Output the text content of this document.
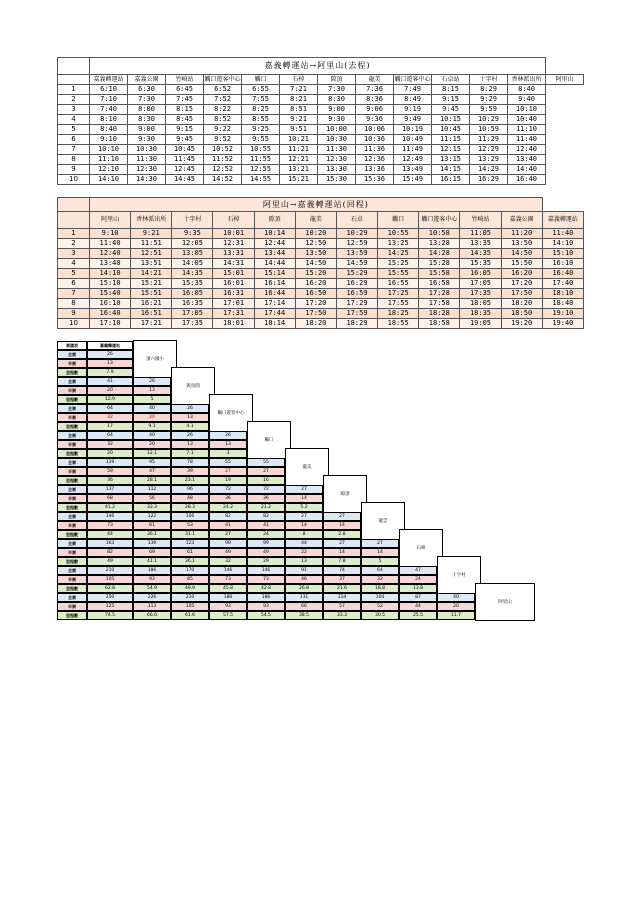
	嘉義轉運站→阿里山(去程)												
	嘉義轉運站	嘉義公園	竹崎站	觸口遊客中心	觸口	石棹	隙頂	龍美	觸口遊客中心	石卓站	十字村	香林派出所	阿里山
1	6:10	6:30	6:45	6:52	6:55	7:21	7:30	7:36	7:49	8:15	8:29	8:40	
2	7:10	7:30	7:45	7:52	7:55	8:21	8:30	8:36	8:49	9:15	9:29	9:40	
3	7:40	8:00	8:15	8:22	8:25	8:51	9:00	9:06	9:19	9:45	9:59	10:10	
4	8:10	8:30	8:45	8:52	8:55	9:21	9:30	9:36	9:49	10:15	10:29	10:40	
5	8:40	9:00	9:15	9:22	9:25	9:51	10:00	10:06	10:19	10:45	10:59	11:10	
6	9:10	9:30	9:45	9:52	9:55	10:21	10:30	10:36	10:49	11:15	11:29	11:40	
7	10:10	10:30	10:45	10:52	10:55	11:21	11:30	11:36	11:49	12:15	12:29	12:40	
8	11:10	11:30	11:45	11:52	11:55	12:21	12:30	12:36	12:49	13:15	13:29	13:40	
9	12:10	12:30	12:45	12:52	12:55	13:21	13:30	13:36	13:49	14:15	14:29	14:40	
10	14:10	14:30	14:45	14:52	14:55	15:21	15:30	15:36	15:49	16:15	16:29	16:40	
	阿里山→嘉義轉運站(回程)											
	阿里山	香林派出所	十字村	石棹	隙頂	龍美	石卓	觸口	觸口遊客中心	竹崎站	嘉義公園	嘉義轉運站
1	9:10	9:21	9:35	10:01	10:14	10:20	10:29	10:55	10:58	11:05	11:20	11:40
2	11:40	11:51	12:05	12:31	12:44	12:50	12:59	13:25	13:28	13:35	13:50	14:10
3	12:40	12:51	13:05	13:31	13:44	13:50	13:59	14:25	14:28	14:35	14:50	15:10
4	13:40	13:51	14:05	14:31	14:44	14:50	14:59	15:25	15:28	15:35	15:50	16:10
5	14:10	14:21	14:35	15:01	15:14	15:20	15:29	15:55	15:58	16:05	16:20	16:40
6	15:10	15:21	15:35	16:01	16:14	16:20	16:29	16:55	16:58	17:05	17:20	17:40
7	15:40	15:51	16:05	16:31	16:44	16:50	16:59	17:25	17:28	17:35	17:50	18:10
8	16:10	16:21	16:35	17:01	17:14	17:20	17:29	17:55	17:58	18:05	18:20	18:40
9	16:40	16:51	17:05	17:31	17:44	17:50	17:59	18:25	18:28	18:35	18:50	19:10
10	17:10	17:21	17:35	18:01	18:14	18:20	18:29	18:55	18:58	19:05	19:20	19:40
票價表	嘉義轉運站
全票	26
半票	13
里程數	7.9
頂六國小
全票	41	26
半票	20	13
里程數	12.9	5
與鳥園
全票	64	40	26
半票	32	20	13
里程數	17	9.1	4.1
觸口遊客中心
全票	64	40	26	26
半票	32	20	13	13
里程數	20	12.1	7.1	3
觸口
全票	119	95	78	55	55
半票	59	47	39	27	27
里程數	36	28.1	23.1	19	16
龍美
全票	137	112	96	72	72	27
半票	68	56	48	36	36	14
里程數	41.2	33.3	28.3	24.2	21.2	5.2
隙頂
全票	146	122	106	82	82	27	27
半票	73	61	53	41	41	14	14
里程數	44	36.1	31.1	27	24	8	2.8
龍雲
全票	163	139	123	99	99	44	27	27
半票	82	69	61	49	49	22	14	14
里程數	49	41.1	36.1	32	29	13	7.8	5
石棹
全票	210	186	170	146	146	91	74	64	47
半票	105	93	85	73	73	46	37	32	24
里程數	62.8	54.9	49.9	45.8	42.8	26.8	21.6	18.8	13.8
十字村
全票	250	226	210	186	186	131	114	104	87	40
半票	125	113	105	93	93	66	57	52	44	20
里程數	74.5	66.6	61.6	57.5	54.5	38.5	33.3	30.5	25.5	11.7
阿里山
